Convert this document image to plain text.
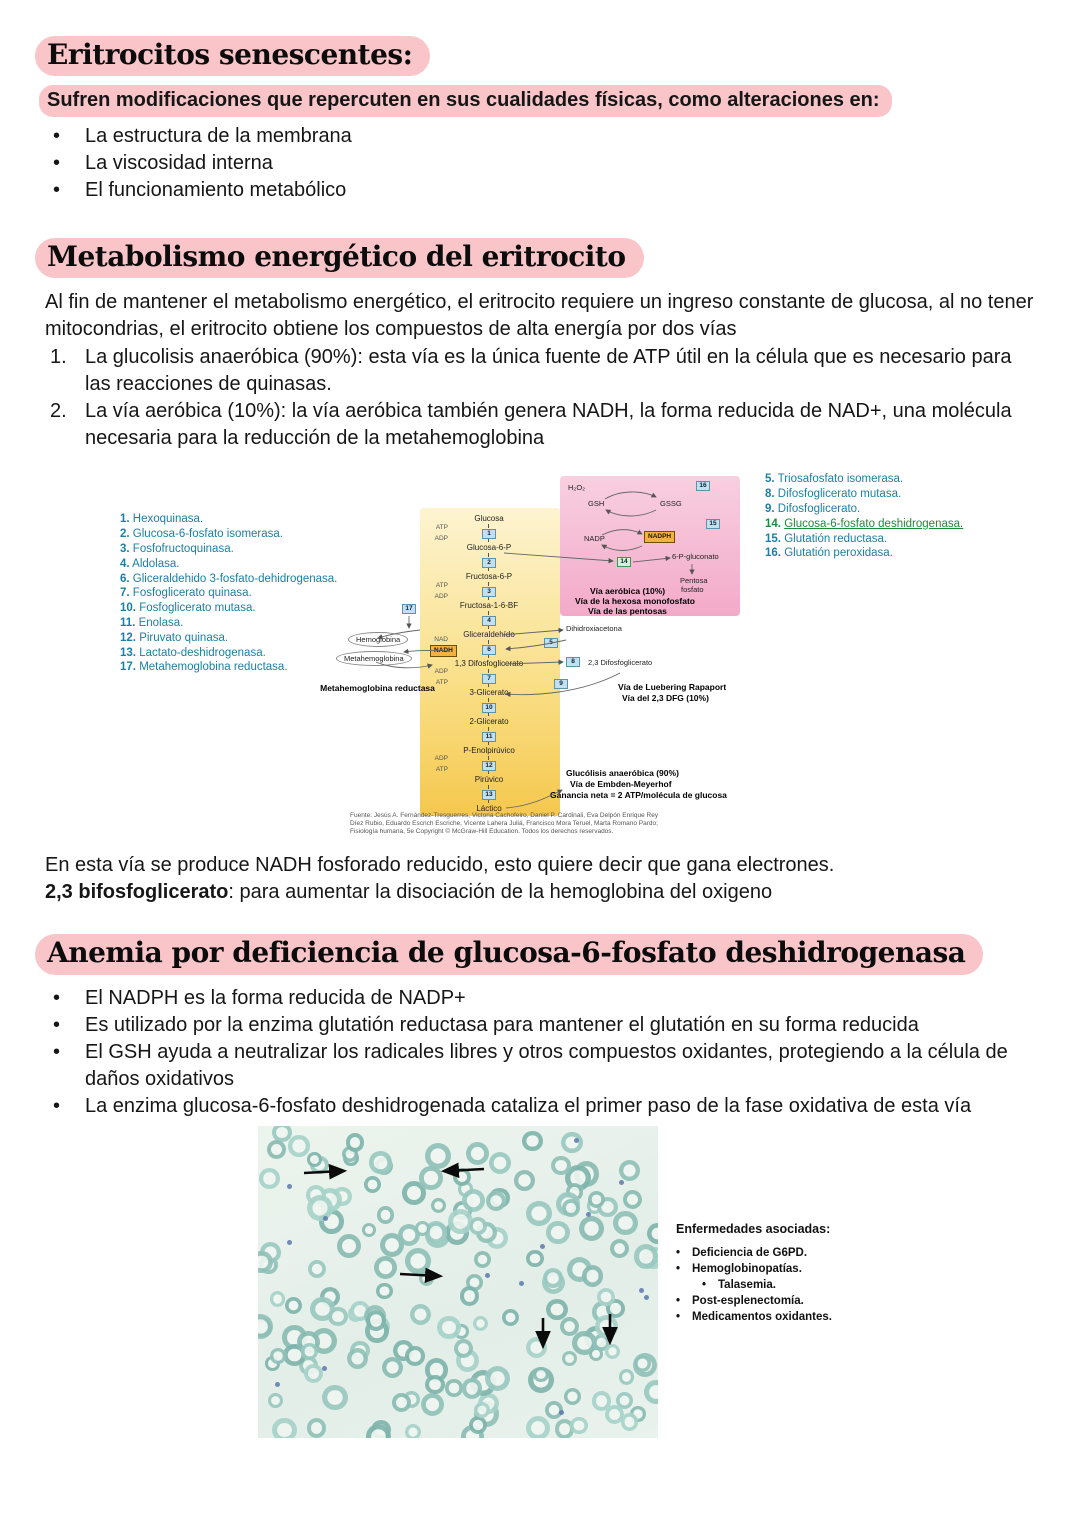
Eritrocitos senescentes:

Sufren modificaciones que repercuten en sus cualidades físicas, como alteraciones en:

•	La estructura de la membrana
•	La viscosidad interna
•	El funcionamiento metabólico
Metabolismo energético del eritrocito

Al fin de mantener el metabolismo energético, el eritrocito requiere un ingreso constante de glucosa, al no tener mitocondrias, el eritrocito obtiene los compuestos de alta energía por dos vías

1. La glucolisis anaeróbica (90%): esta vía es la única fuente de ATP útil en la célula que es necesario para las reacciones de quinasas.
2. La vía aeróbica (10%): la vía aeróbica también genera NADH, la forma reducida de NAD+, una molécula necesaria para la reducción de la metahemoglobina
1. Hexoquinasa.
2. Glucosa-6-fosfato isomerasa.
3. Fosfofructoquinasa.
4. Aldolasa.
6. Gliceraldehido 3-fosfato-dehidrogenasa.
7. Fosfoglicerato quinasa.
10. Fosfoglicerato mutasa.
11. Enolasa.
12. Piruvato quinasa.
13. Lactato-deshidrogenasa.
17. Metahemoglobina reductasa.
5. Triosafosfato isomerasa.
8. Difosfoglicerato mutasa.
9. Difosfoglicerato.
14. Glucosa-6-fosfato deshidrogenasa.
15. Glutatión reductasa.
16. Glutatión peroxidasa.
Glucosa
1
ATP
ADP
Glucosa-6-P
2
Fructosa-6-P
3
ATP
ADP
Fructosa-1-6-BF
4
Gliceraldehído
6
NAD
NADH
1,3 Difosfoglicerato
7
ADP
ATP
3-Glicerato
10
2-Glicerato
11
P-Enolpirúvico
12
ADP
ATP
Pirúvico
13
Láctico
17
Hemoglobina
Metahemoglobina
Metahemoglobina reductasa
Dihidroxiacetona
5
8	2,3 Difosfoglicerato
9	Vía de Luebering Rapaport
Vía del 2,3 DFG (10%)
H₂O₂
GSH	GSSG
16
15
NADP	NADPH
14
6-P-gluconato
Pentosa
fosfato
Vía aeróbica (10%)
Vía de la hexosa monofosfato
Vía de las pentosas
Glucólisis anaeróbica (90%)
Vía de Embden-Meyerhof
Ganancia neta = 2 ATP/molécula de glucosa
Fuente: Jesús A. Fernández-Tresguerres, Victoria Cachofeiro, Daniel P. Cardinali, Eva Delpón Enrique Rey
Díez Rubio, Eduardo Escrich Escriche, Vicente Lahera Juliá, Francisco Mora Teruel, Marta Romano Pardo;
Fisiología humana, 5e Copyright © McGraw-Hill Education. Todos los derechos reservados.

En esta vía se produce NADH fosforado reducido, esto quiere decir que gana electrones.

2,3 bifosfoglicerato: para aumentar la disociación de la hemoglobina del oxigeno

Anemia por deficiencia de glucosa-6-fosfato deshidrogenasa
•	El NADPH es la forma reducida de NADP+
•	Es utilizado por la enzima glutatión reductasa para mantener el glutatión en su forma reducida
•	El GSH ayuda a neutralizar los radicales libres y otros compuestos oxidantes, protegiendo a la célula de daños oxidativos
•	La enzima glucosa-6-fosfato deshidrogenada cataliza el primer paso de la fase oxidativa de esta vía
Enfermedades asociadas:
•	Deficiencia de G6PD.
•	Hemoglobinopatías.
•	Talasemia.
•	Post-esplenectomía.
•	Medicamentos oxidantes.
